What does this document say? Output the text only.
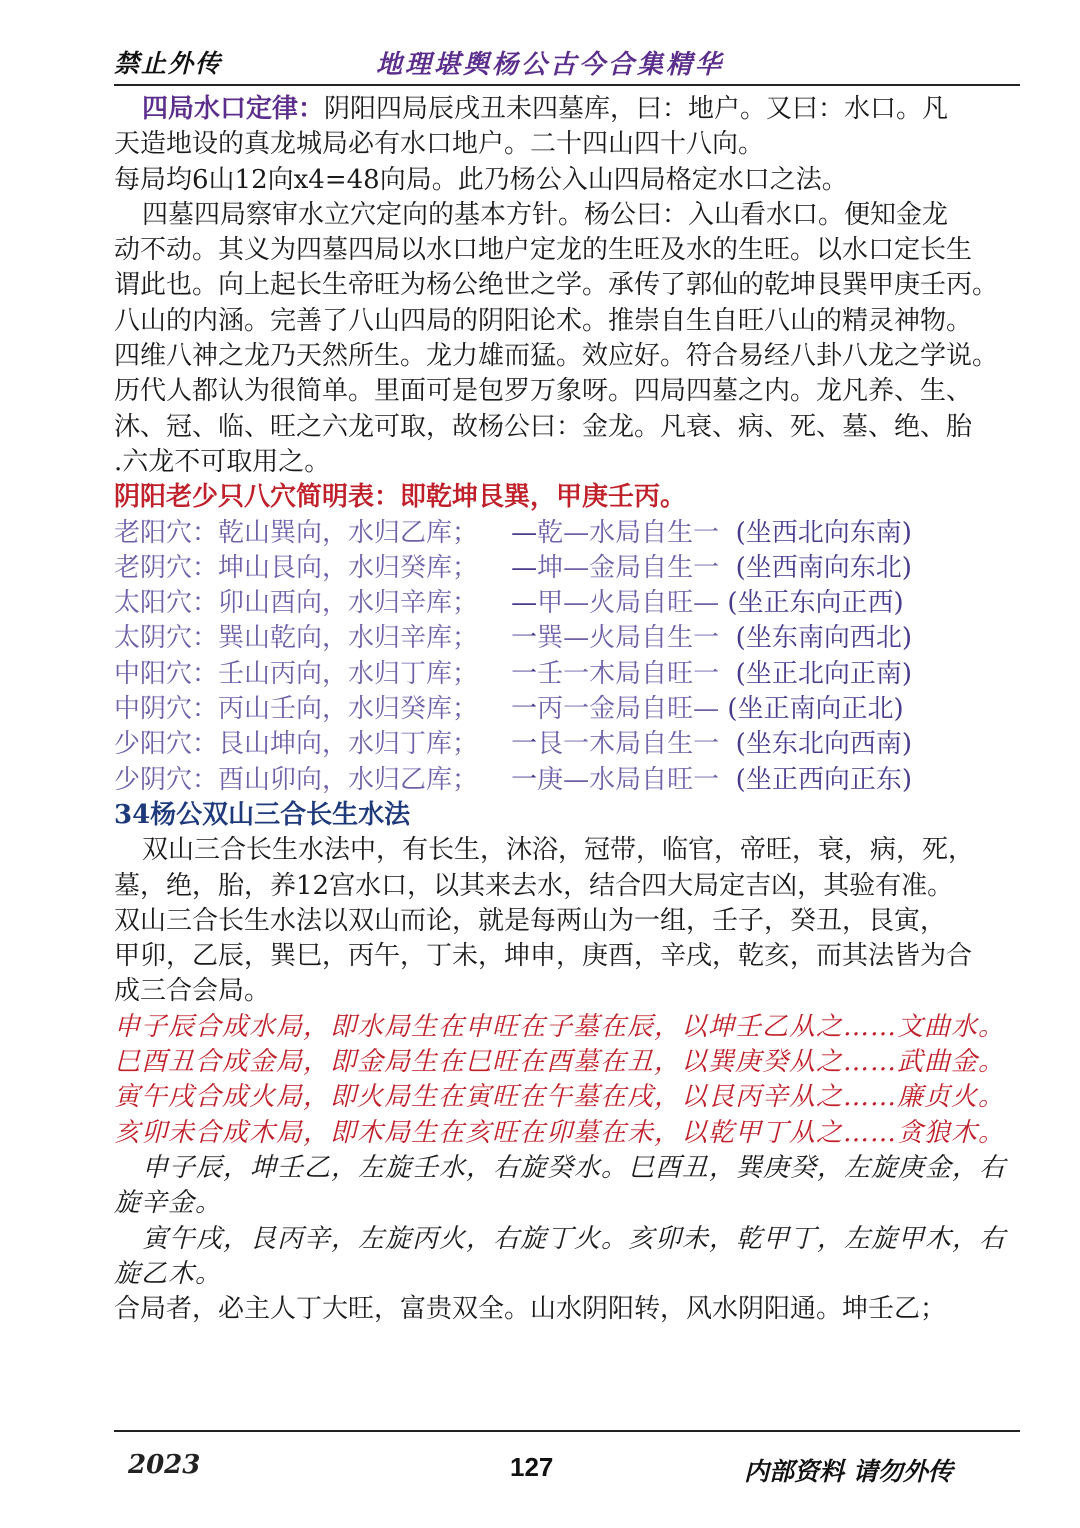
禁止外传	地理堪舆杨公古今合集精华
四局水口定律：阴阳四局辰戌丑未四墓库，曰：地户。又曰：水口。凡
天造地设的真龙城局必有水口地户。二十四山四十八向。
每局均6山12向x4=48向局。此乃杨公入山四局格定水口之法。
四墓四局察审水立穴定向的基本方针。杨公曰：入山看水口。便知金龙
动不动。其义为四墓四局以水口地户定龙的生旺及水的生旺。以水口定长生
谓此也。向上起长生帝旺为杨公绝世之学。承传了郭仙的乾坤艮巽甲庚壬丙。
八山的内涵。完善了八山四局的阴阳论术。推崇自生自旺八山的精灵神物。
四维八神之龙乃天然所生。龙力雄而猛。效应好。符合易经八卦八龙之学说。
历代人都认为很简单。里面可是包罗万象呀。四局四墓之内。龙凡养、生、
沐、冠、临、旺之六龙可取，故杨公曰：金龙。凡衰、病、死、墓、绝、胎
.六龙不可取用之。
阴阳老少只八穴简明表：即乾坤艮巽，甲庚壬丙。
老阳穴：乾山巽向，水归乙库； —乾—水局自生一 (坐西北向东南)
老阴穴：坤山艮向，水归癸库； —坤—金局自生一 (坐西南向东北)
太阳穴：卯山酉向，水归辛库； —甲—火局自旺— (坐正东向正西)
太阴穴：巽山乾向，水归辛库； 一巽—火局自生一 (坐东南向西北)
中阳穴：壬山丙向，水归丁库； 一壬一木局自旺一 (坐正北向正南)
中阴穴：丙山壬向，水归癸库； 一丙一金局自旺— (坐正南向正北)
少阳穴：艮山坤向，水归丁库； 一艮一木局自生一 (坐东北向西南)
少阴穴：酉山卯向，水归乙库； 一庚—水局自旺一 (坐正西向正东)
34杨公双山三合长生水法
双山三合长生水法中，有长生，沐浴，冠带，临官，帝旺，衰，病，死，
墓，绝，胎，养12宫水口，以其来去水，结合四大局定吉凶，其验有准。
双山三合长生水法以双山而论，就是每两山为一组，壬子，癸丑，艮寅，
甲卯，乙辰，巽巳，丙午，丁未，坤申，庚酉，辛戌，乾亥，而其法皆为合
成三合会局。
申子辰合成水局，即水局生在申旺在子墓在辰，以坤壬乙从之……文曲水。
巳酉丑合成金局，即金局生在巳旺在酉墓在丑，以巽庚癸从之……武曲金。
寅午戌合成火局，即火局生在寅旺在午墓在戌，以艮丙辛从之……廉贞火。
亥卯未合成木局，即木局生在亥旺在卯墓在未，以乾甲丁从之……贪狼木。
申子辰，坤壬乙，左旋壬水，右旋癸水。巳酉丑，巽庚癸，左旋庚金，右
旋辛金。
寅午戌，艮丙辛，左旋丙火，右旋丁火。亥卯未，乾甲丁，左旋甲木，右
旋乙木。
合局者，必主人丁大旺，富贵双全。山水阴阳转，风水阴阳通。坤壬乙；
2023	127	内部资料 请勿外传
